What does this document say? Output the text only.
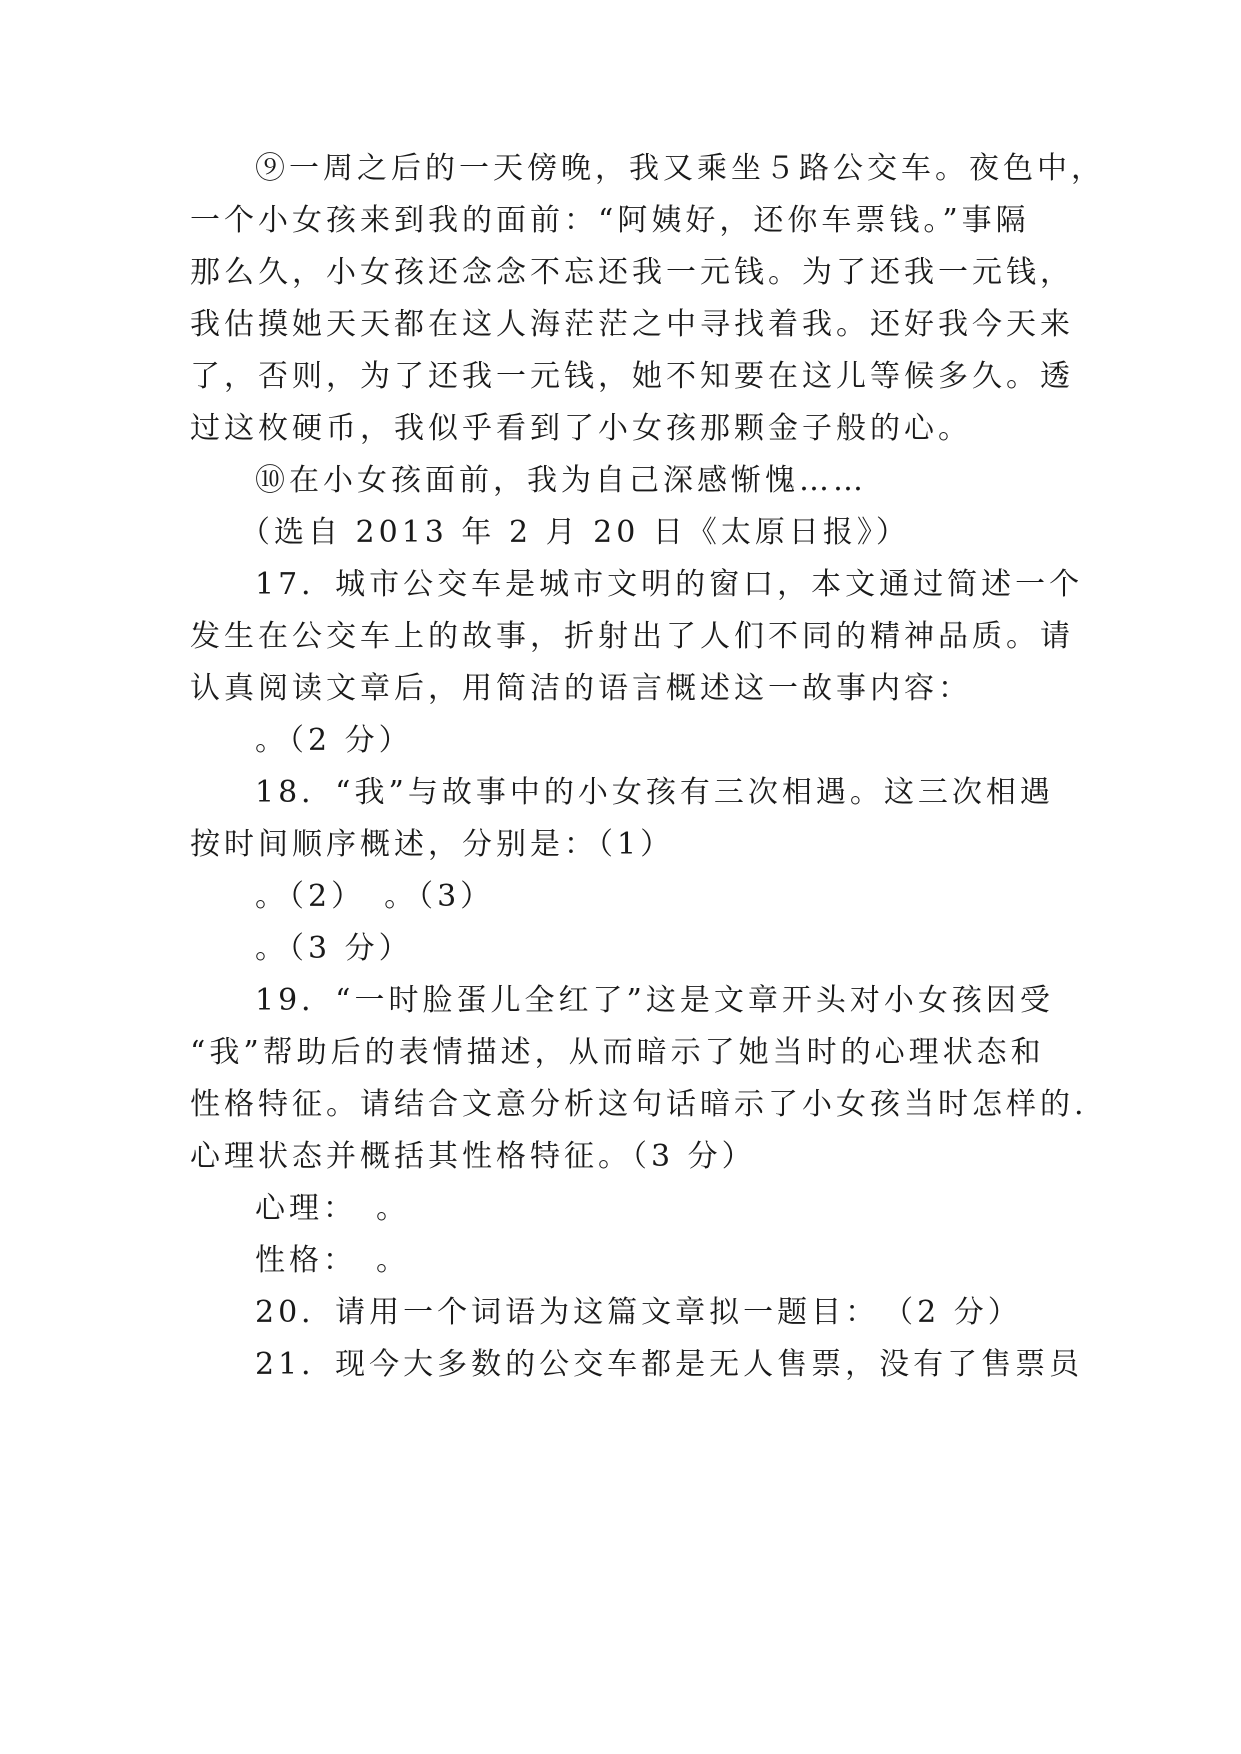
⑨一周之后的一天傍晚，我又乘坐５路公交车。夜色中，
一个小女孩来到我的面前：“阿姨好，还你车票钱。”事隔
那么久，小女孩还念念不忘还我一元钱。为了还我一元钱，
我估摸她天天都在这人海茫茫之中寻找着我。还好我今天来
了，否则，为了还我一元钱，她不知要在这儿等候多久。透
过这枚硬币，我似乎看到了小女孩那颗金子般的心。
⑩在小女孩面前，我为自己深感惭愧……
（选自 2013 年 2 月 20 日《太原日报》）
17．城市公交车是城市文明的窗口，本文通过简述一个
发生在公交车上的故事，折射出了人们不同的精神品质。请
认真阅读文章后，用简洁的语言概述这一故事内容：
。（2 分）
18．“我”与故事中的小女孩有三次相遇。这三次相遇
按时间顺序概述，分别是：（1）
。（2）　。（3）
。（3 分）
19．“一时脸蛋儿全红了”这是文章开头对小女孩因受
“我”帮助后的表情描述，从而暗示了她当时的心理状态和
性格特征。请结合文意分析这句话暗示了小女孩当时怎样的.
心理状态并概括其性格特征。（3 分）
心理：　。
性格：　。
20．请用一个词语为这篇文章拟一题目：　（2 分）
21．现今大多数的公交车都是无人售票，没有了售票员
